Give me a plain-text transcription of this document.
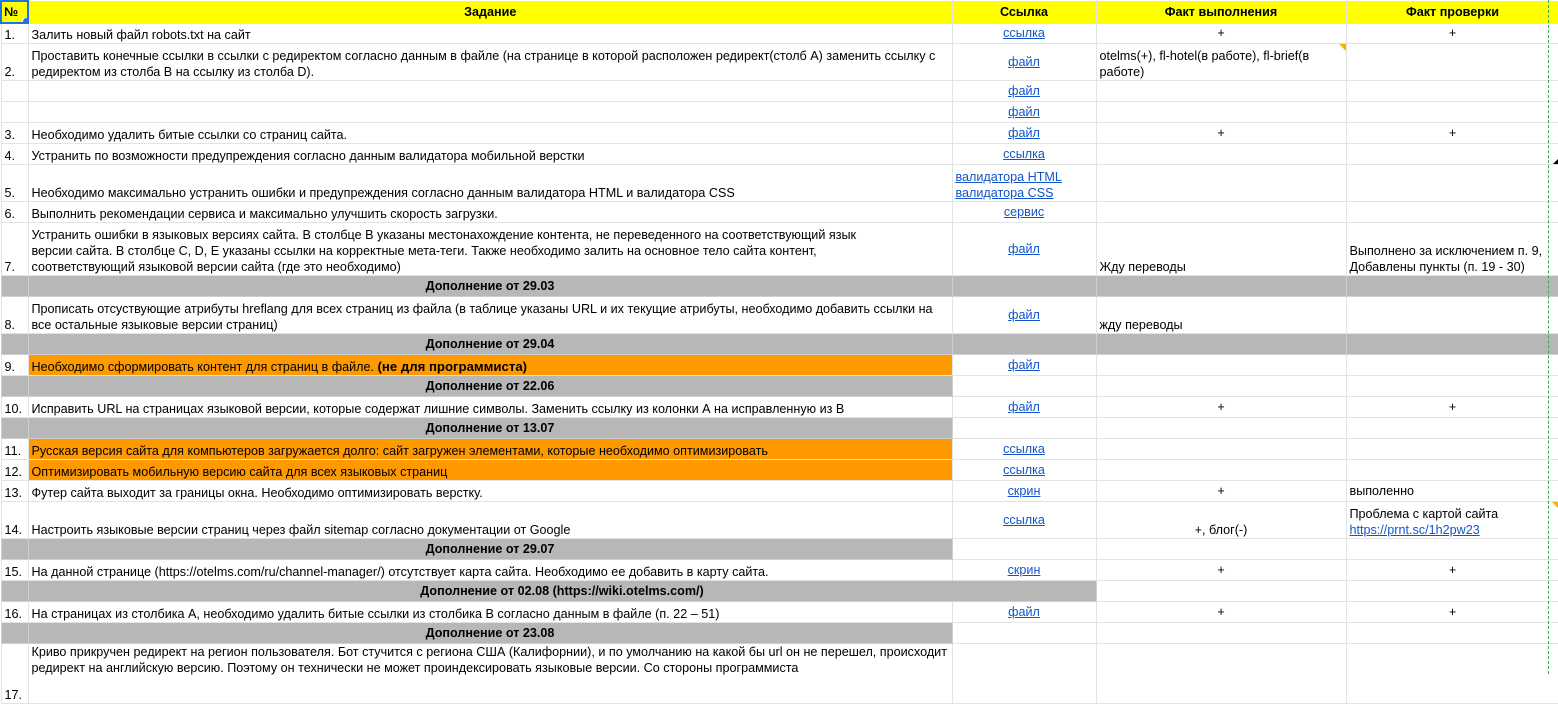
№	Задание	Ссылка	Факт выполнения	Факт проверки
1.	Залить новый файл robots.txt на сайт	ссылка	+	+
2.	Проставить конечные ссылки в ссылки с редиректом согласно данным в файле (на странице в которой расположен редирект(столб А) заменить ссылку с редиректом из столба B на ссылку из столба D).	файл	otelms(+), fl-hotel(в работе), fl-brief(в работе)	
		файл		
		файл		
3.	Необходимо удалить битые ссылки со страниц сайта.	файл	+	+
4.	Устранить по возможности предупреждения согласно данным валидатора мобильной верстки	ссылка		
5.	Необходимо максимально устранить ошибки и предупреждения согласно данным валидатора HTML и валидатора CSS	валидатора HTML
валидатора CSS		

6.	Выполнить рекомендации сервиса и максимально улучшить скорость загрузки.	сервис		
7.	Устранить ошибки в языковых версиях сайта. В столбце B указаны местонахождение контента, не переведенного на соответствующий язык версии сайта. В столбце C, D, E указаны ссылки на корректные мета-теги. Также необходимо залить на основное тело сайта контент, соответствующий языковой версии сайта (где это необходимо)	файл	Жду переводы	Выполнено за исключением п. 9, Добавлены пункты (п. 19 - 30)
	Дополнение от 29.03			
8.	Прописать отсуствующие атрибуты hreflang для всех страниц из файла (в таблице указаны URL и их текущие атрибуты, необходимо добавить ссылки на все остальные языковые версии страниц)	файл	жду переводы	
	Дополнение от 29.04			
9.	Необходимо сформировать контент для страниц в файле. (не для программиста)	файл		
	Дополнение от 22.06			
10.	Исправить URL на страницах языковой версии, которые содержат лишние символы. Заменить ссылку из колонки А на исправленную из B	файл	+	+
	Дополнение от 13.07			
11.	Русская версия сайта для компьютеров загружается долго: сайт загружен элементами, которые необходимо оптимизировать	ссылка		
12.	Оптимизировать мобильную версию сайта для всех языковых страниц	ссылка		
13.	Футер сайта выходит за границы окна. Необходимо оптимизировать верстку.	скрин	+	выполенно
14.	Настроить языковые версии страниц через файл sitemap согласно документации от Google	ссылка	+, блог(-)	Проблема с картой сайта
https://prnt.sc/1h2pw23
	Дополнение от 29.07			
15.	На данной странице (https://otelms.com/ru/channel-manager/) отсутствует карта сайта. Необходимо ее добавить в карту сайта.	скрин	+	+
	Дополнение от 02.08 (https://wiki.otelms.com/)			
16.	На страницах из столбика А, необходимо удалить битые ссылки из столбика B согласно данным в файле (п. 22 – 51)	файл	+	+
	Дополнение от 23.08			
17.	Криво прикручен редирект на регион пользователя. Бот стучится с региона США (Калифорнии), и по умолчанию на какой бы url он не перешел, происходит редирект на английскую версию. Поэтому он технически не может проиндексировать языковые версии. Со стороны программиста			
